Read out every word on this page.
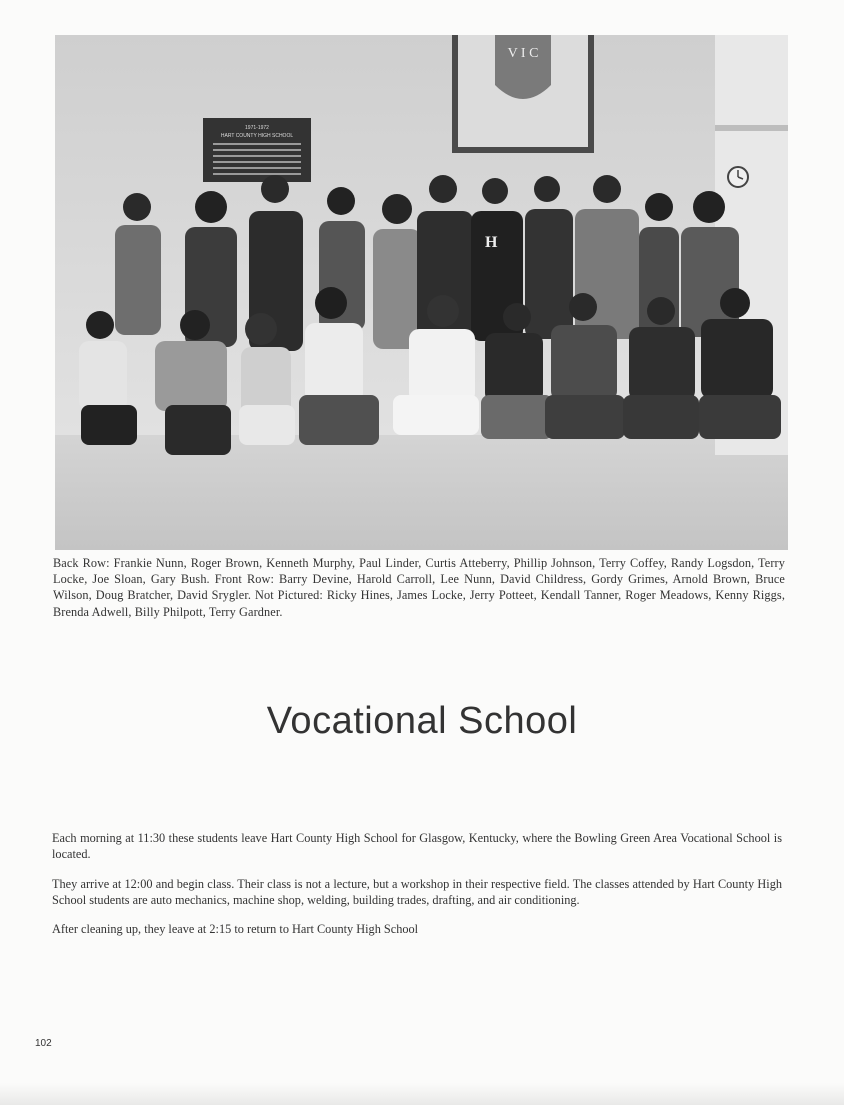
V I C
1971-1972
HART COUNTY HIGH SCHOOL
H
Back Row: Frankie Nunn, Roger Brown, Kenneth Murphy, Paul Linder, Curtis Atteberry, Phillip Johnson, Terry Coffey, Randy Logsdon, Terry Locke, Joe Sloan, Gary Bush. Front Row: Barry Devine, Harold Carroll, Lee Nunn, David Childress, Gordy Grimes, Arnold Brown, Bruce Wilson, Doug Bratcher, David Srygler. Not Pictured: Ricky Hines, James Locke, Jerry Potteet, Kendall Tanner, Roger Meadows, Kenny Riggs, Brenda Adwell, Billy Philpott, Terry Gardner.
Vocational School

Each morning at 11:30 these students leave Hart County High School for Glasgow, Kentucky, where the Bowling Green Area Vocational School is located.

They arrive at 12:00 and begin class. Their class is not a lecture, but a workshop in their respective field. The classes attended by Hart County High School students are auto mechanics, machine shop, welding, building trades, drafting, and air conditioning.

After cleaning up, they leave at 2:15 to return to Hart County High School

102
